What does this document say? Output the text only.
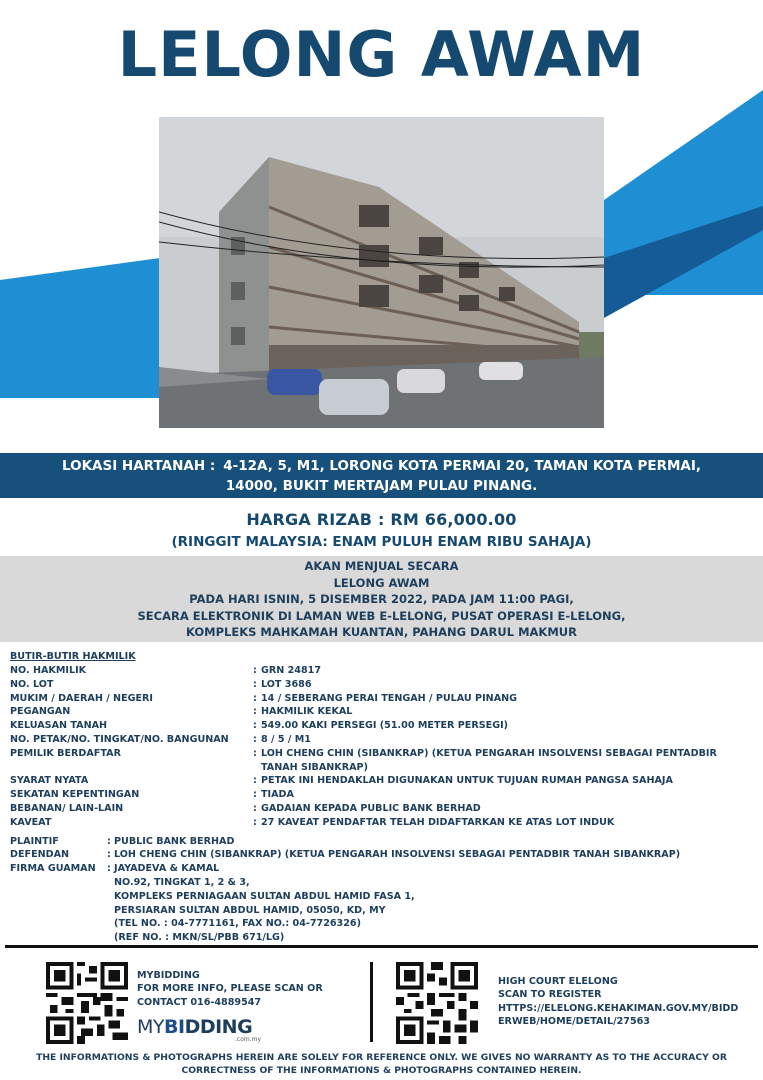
LELONG AWAM
LOKASI HARTANAH : 4-12A, 5, M1, LORONG KOTA PERMAI 20, TAMAN KOTA PERMAI,
14000, BUKIT MERTAJAM PULAU PINANG.
HARGA RIZAB : RM 66,000.00
(RINGGIT MALAYSIA: ENAM PULUH ENAM RIBU SAHAJA)
AKAN MENJUAL SECARA
LELONG AWAM
PADA HARI ISNIN, 5 DISEMBER 2022, PADA JAM 11:00 PAGI,
SECARA ELEKTRONIK DI LAMAN WEB E-LELONG, PUSAT OPERASI E-LELONG,
KOMPLEKS MAHKAMAH KUANTAN, PAHANG DARUL MAKMUR
BUTIR-BUTIR HAKMILIK
NO. HAKMILIK	: GRN 24817
NO. LOT	: LOT 3686
MUKIM / DAERAH / NEGERI	: 14 / SEBERANG PERAI TENGAH / PULAU PINANG
PEGANGAN	: HAKMILIK KEKAL
KELUASAN TANAH	: 549.00 KAKI PERSEGI (51.00 METER PERSEGI)
NO. PETAK/NO. TINGKAT/NO. BANGUNAN	: 8 / 5 / M1
PEMILIK BERDAFTAR	: LOH CHENG CHIN (SIBANKRAP) (KETUA PENGARAH INSOLVENSI SEBAGAI PENTADBIR TANAH SIBANKRAP)
SYARAT NYATA	: PETAK INI HENDAKLAH DIGUNAKAN UNTUK TUJUAN RUMAH PANGSA SAHAJA
SEKATAN KEPENTINGAN	: TIADA
BEBANAN/ LAIN-LAIN	: GADAIAN KEPADA PUBLIC BANK BERHAD
KAVEAT	: 27 KAVEAT PENDAFTAR TELAH DIDAFTARKAN KE ATAS LOT INDUK
PLAINTIF	: PUBLIC BANK BERHAD
DEFENDAN	: LOH CHENG CHIN (SIBANKRAP) (KETUA PENGARAH INSOLVENSI SEBAGAI PENTADBIR TANAH SIBANKRAP)
FIRMA GUAMAN	: JAYADEVA & KAMAL
NO.92, TINGKAT 1, 2 & 3,
KOMPLEKS PERNIAGAAN SULTAN ABDUL HAMID FASA 1,
PERSIARAN SULTAN ABDUL HAMID, 05050, KD, MY
(TEL NO. : 04-7771161, FAX NO.: 04-7726326)
(REF NO. : MKN/SL/PBB 671/LG)
MYBIDDING
FOR MORE INFO, PLEASE SCAN OR
CONTACT 016-4889547
MYBIDDING
.com.my
HIGH COURT ELELONG
SCAN TO REGISTER
HTTPS://ELELONG.KEHAKIMAN.GOV.MY/BIDD
ERWEB/HOME/DETAIL/27563
THE INFORMATIONS & PHOTOGRAPHS HEREIN ARE SOLELY FOR REFERENCE ONLY. WE GIVES NO WARRANTY AS TO THE ACCURACY OR CORRECTNESS OF THE INFORMATIONS & PHOTOGRAPHS CONTAINED HEREIN.
